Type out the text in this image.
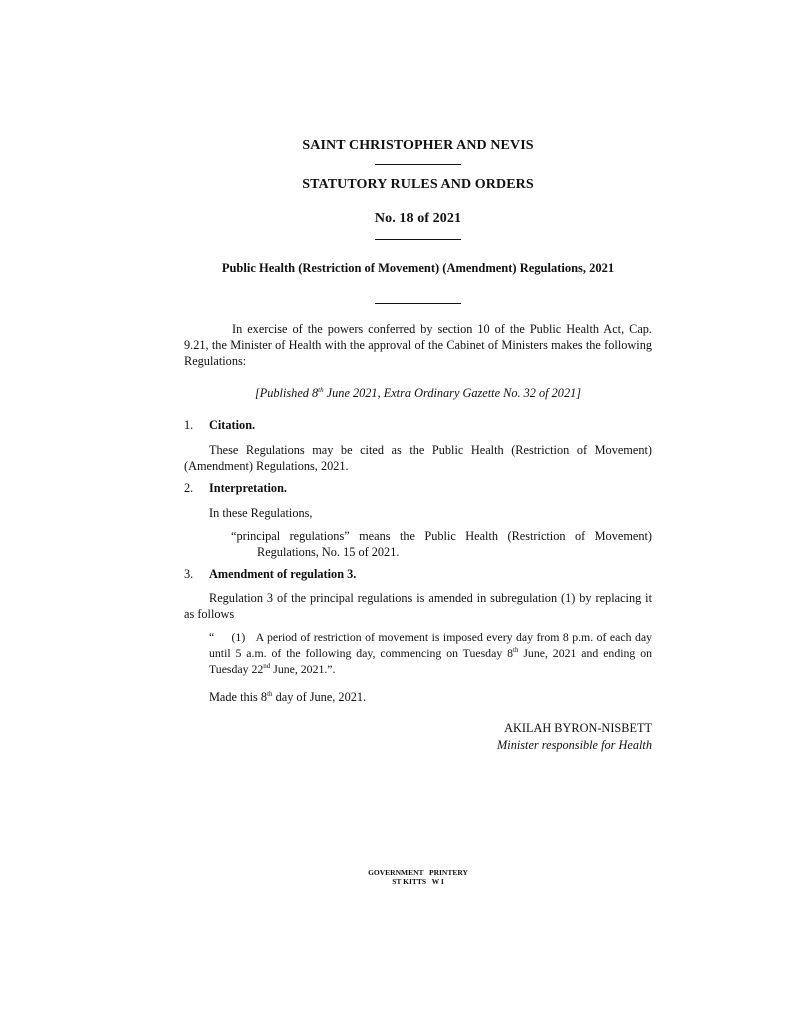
SAINT CHRISTOPHER AND NEVIS
STATUTORY RULES AND ORDERS
No. 18 of 2021
Public Health (Restriction of Movement) (Amendment) Regulations, 2021
In exercise of the powers conferred by section 10 of the Public Health Act, Cap. 9.21, the Minister of Health with the approval of the Cabinet of Ministers makes the following Regulations:
[Published 8th June 2021, Extra Ordinary Gazette No. 32 of 2021]
1. Citation.
These Regulations may be cited as the Public Health (Restriction of Movement) (Amendment) Regulations, 2021.
2. Interpretation.
In these Regulations,
“principal regulations” means the Public Health (Restriction of Movement) Regulations, No. 15 of 2021.
3. Amendment of regulation 3.
Regulation 3 of the principal regulations is amended in subregulation (1) by replacing it as follows
“ (1) A period of restriction of movement is imposed every day from 8 p.m. of each day until 5 a.m. of the following day, commencing on Tuesday 8th June, 2021 and ending on Tuesday 22nd June, 2021.”.
Made this 8th day of June, 2021.
AKILAH BYRON-NISBETT
Minister responsible for Health
GOVERNMENT   PRINTERY
ST KITTS   W I
